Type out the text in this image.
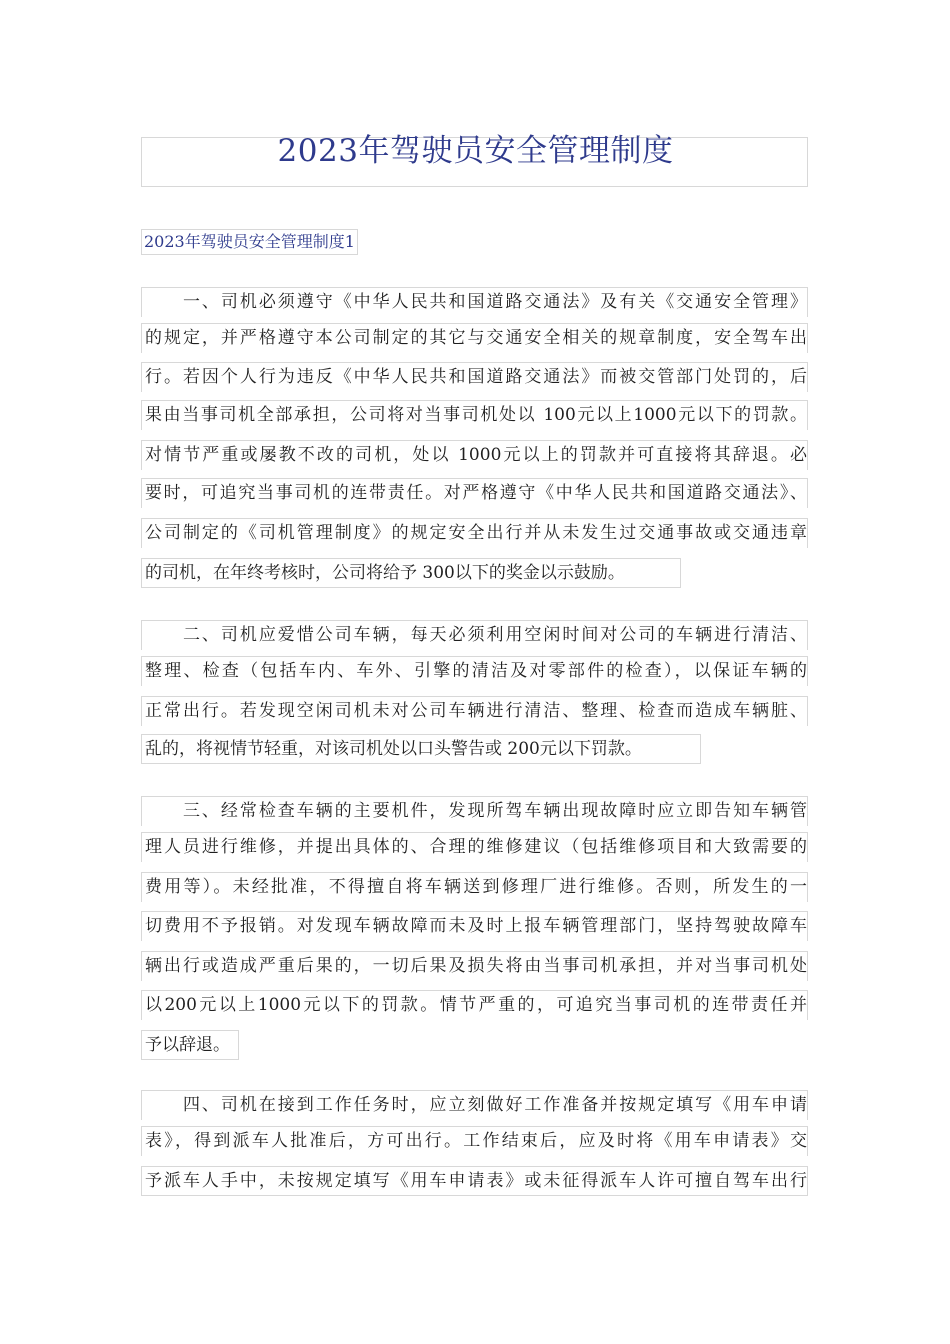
2023年驾驶员安全管理制度
2023年驾驶员安全管理制度1
　　一、司机必须遵守《中华人民共和国道路交通法》及有关《交通安全管理》
的规定，并严格遵守本公司制定的其它与交通安全相关的规章制度，安全驾车出
行。若因个人行为违反《中华人民共和国道路交通法》而被交管部门处罚的，后
果由当事司机全部承担，公司将对当事司机处以 100元以上1000元以下的罚款。
对情节严重或屡教不改的司机，处以 1000元以上的罚款并可直接将其辞退。必
要时，可追究当事司机的连带责任。对严格遵守《中华人民共和国道路交通法》、
公司制定的《司机管理制度》的规定安全出行并从未发生过交通事故或交通违章
的司机，在年终考核时，公司将给予 300以下的奖金以示鼓励。
　　二、司机应爱惜公司车辆，每天必须利用空闲时间对公司的车辆进行清洁、
整理、检查（包括车内、车外、引擎的清洁及对零部件的检查），以保证车辆的
正常出行。若发现空闲司机未对公司车辆进行清洁、整理、检查而造成车辆脏、
乱的，将视情节轻重，对该司机处以口头警告或 200元以下罚款。
　　三、经常检查车辆的主要机件，发现所驾车辆出现故障时应立即告知车辆管
理人员进行维修，并提出具体的、合理的维修建议（包括维修项目和大致需要的
费用等）。未经批准，不得擅自将车辆送到修理厂进行维修。否则，所发生的一
切费用不予报销。对发现车辆故障而未及时上报车辆管理部门，坚持驾驶故障车
辆出行或造成严重后果的，一切后果及损失将由当事司机承担，并对当事司机处
以200元以上1000元以下的罚款。情节严重的，可追究当事司机的连带责任并
予以辞退。
　　四、司机在接到工作任务时，应立刻做好工作准备并按规定填写《用车申请
表》，得到派车人批准后，方可出行。工作结束后，应及时将《用车申请表》交
予派车人手中，未按规定填写《用车申请表》或未征得派车人许可擅自驾车出行
